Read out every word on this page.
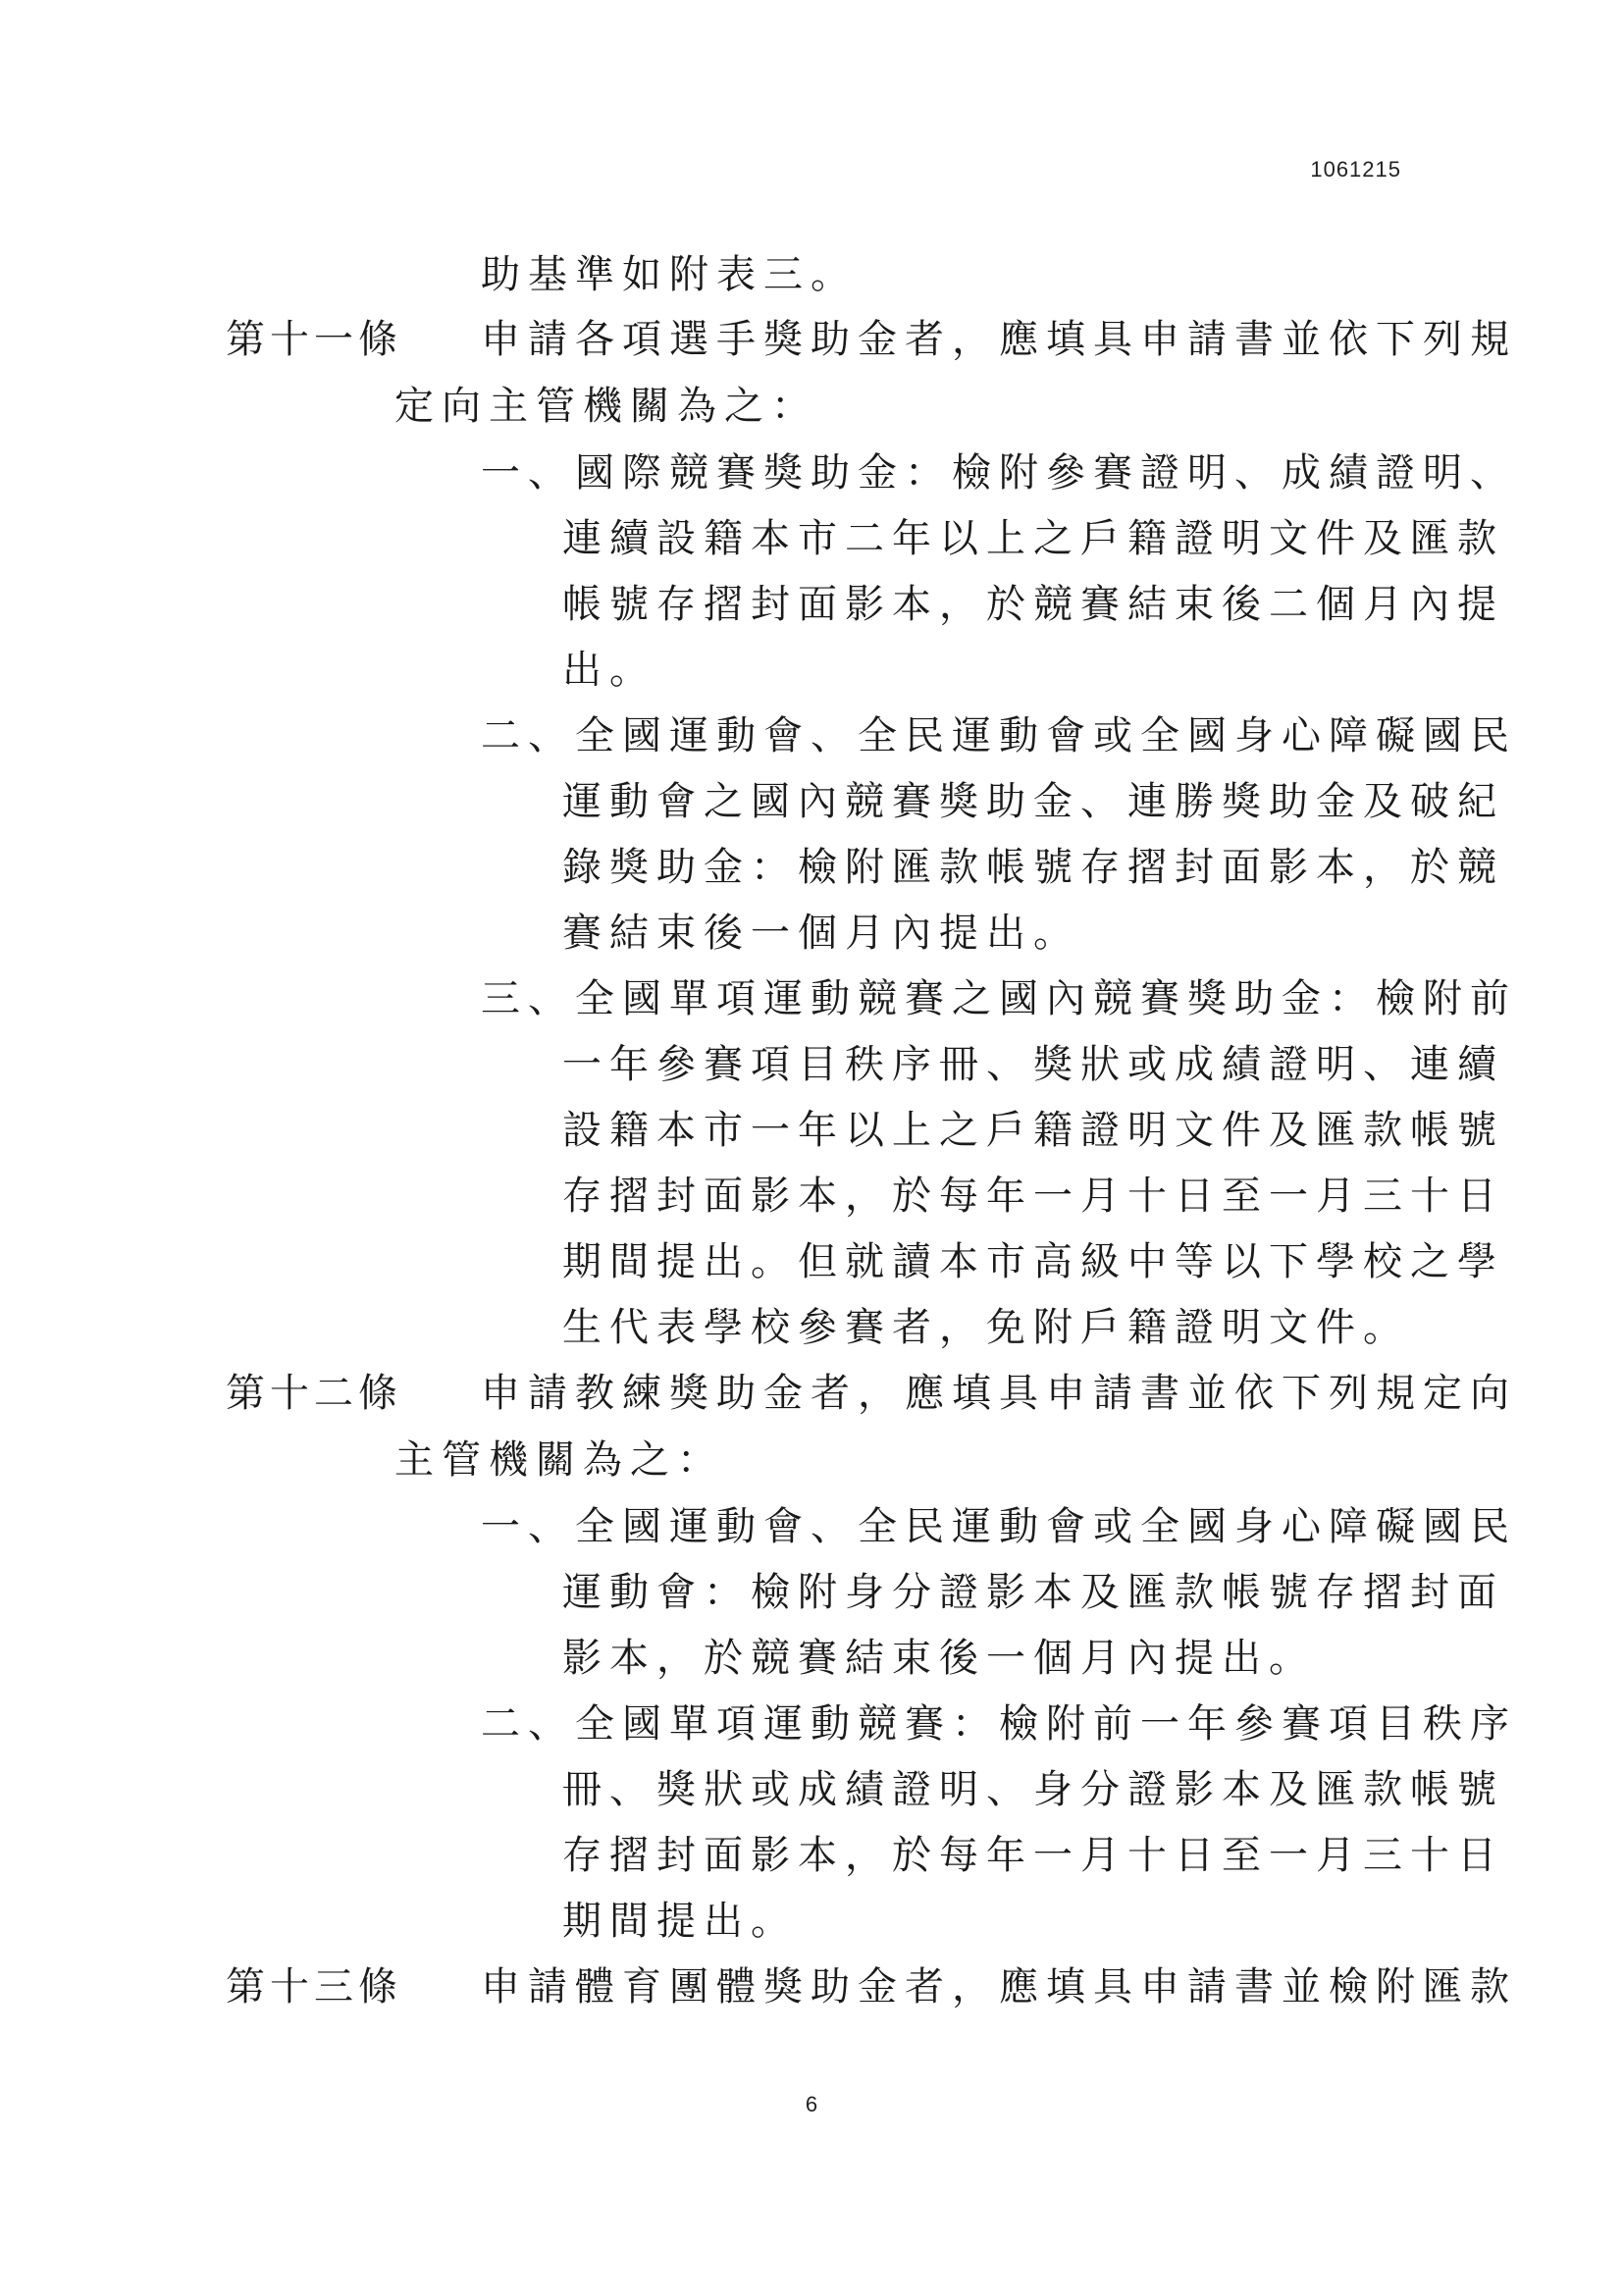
1061215
助基準如附表三。
第十一條 申請各項選手獎助金者，應填具申請書並依下列規
定向主管機關為之：
一、國際競賽獎助金：檢附參賽證明、成績證明、
連續設籍本市二年以上之戶籍證明文件及匯款
帳號存摺封面影本，於競賽結束後二個月內提
出。
二、全國運動會、全民運動會或全國身心障礙國民
運動會之國內競賽獎助金、連勝獎助金及破紀
錄獎助金：檢附匯款帳號存摺封面影本，於競
賽結束後一個月內提出。
三、全國單項運動競賽之國內競賽獎助金：檢附前
一年參賽項目秩序冊、獎狀或成績證明、連續
設籍本市一年以上之戶籍證明文件及匯款帳號
存摺封面影本，於每年一月十日至一月三十日
期間提出。但就讀本市高級中等以下學校之學
生代表學校參賽者，免附戶籍證明文件。
第十二條 申請教練獎助金者，應填具申請書並依下列規定向
主管機關為之：
一、全國運動會、全民運動會或全國身心障礙國民
運動會：檢附身分證影本及匯款帳號存摺封面
影本，於競賽結束後一個月內提出。
二、全國單項運動競賽：檢附前一年參賽項目秩序
冊、獎狀或成績證明、身分證影本及匯款帳號
存摺封面影本，於每年一月十日至一月三十日
期間提出。
第十三條 申請體育團體獎助金者，應填具申請書並檢附匯款
6
